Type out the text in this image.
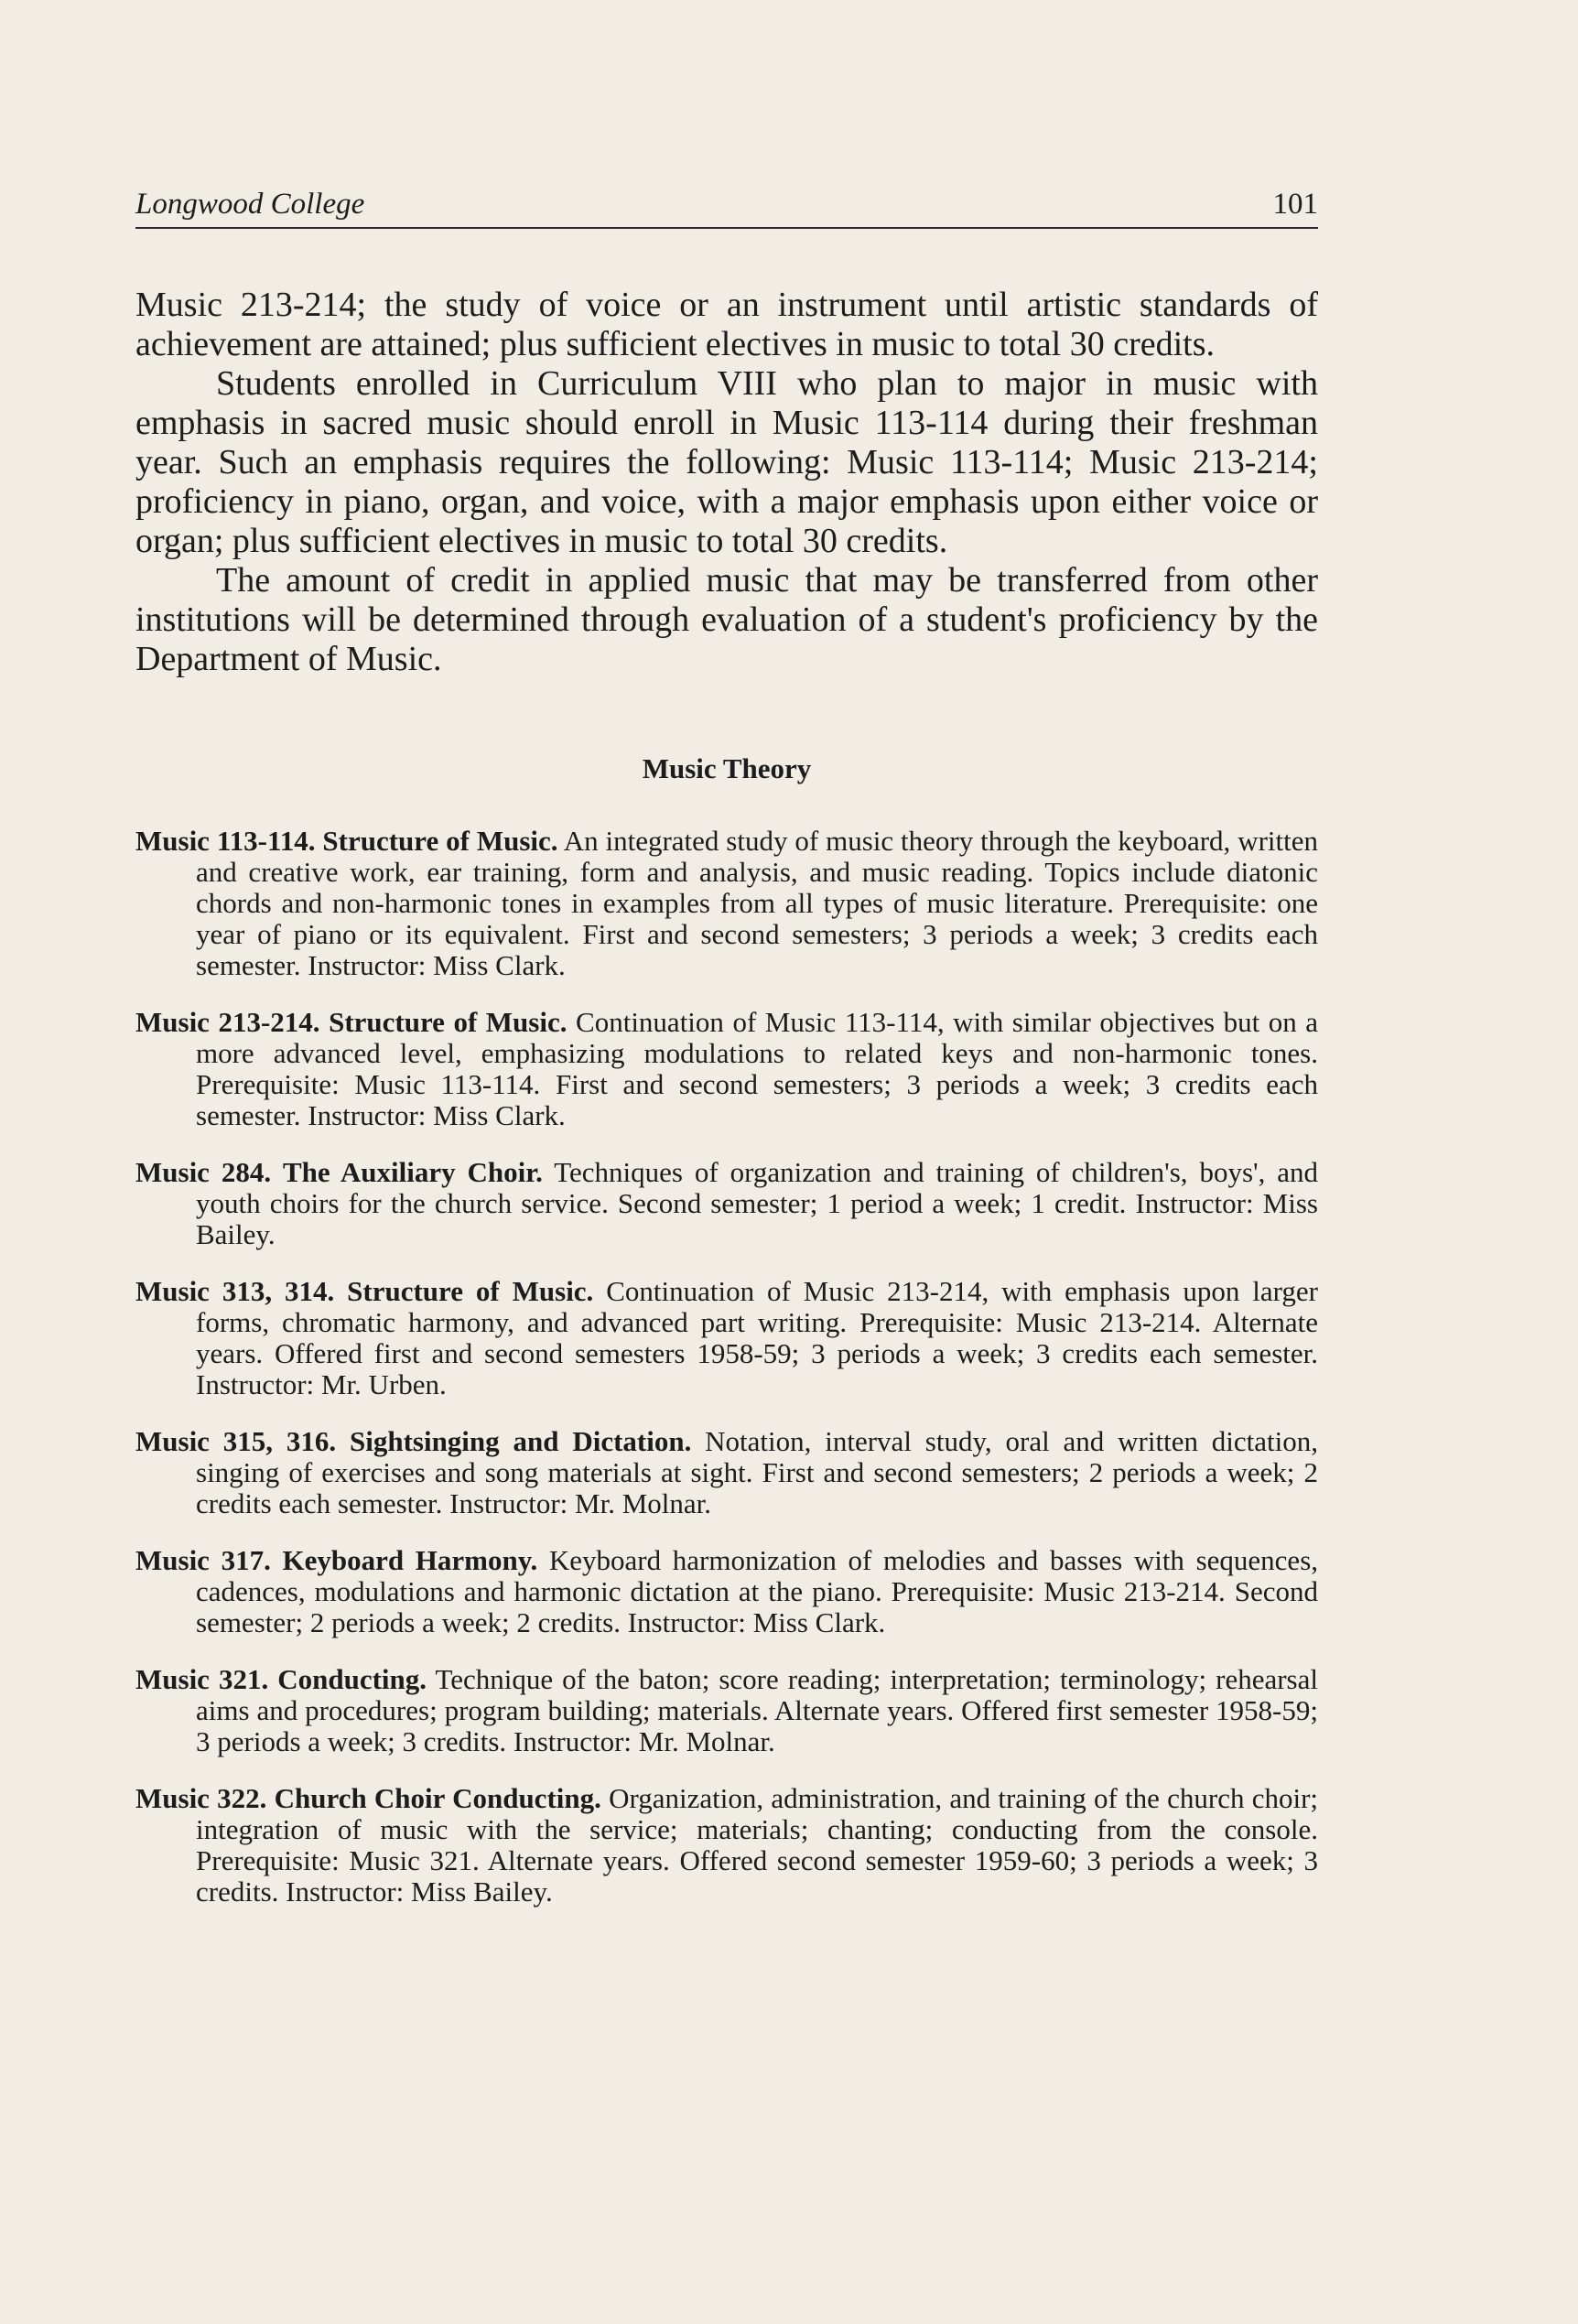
Longwood College	101

Music 213-214; the study of voice or an instrument until artistic standards of achievement are attained; plus sufficient electives in music to total 30 credits.

Students enrolled in Curriculum VIII who plan to major in music with emphasis in sacred music should enroll in Music 113-114 during their freshman year. Such an emphasis requires the following: Music 113-114; Music 213-214; proficiency in piano, organ, and voice, with a major emphasis upon either voice or organ; plus sufficient electives in music to total 30 credits.

The amount of credit in applied music that may be transferred from other institutions will be determined through evaluation of a student's proficiency by the Department of Music.

Music Theory

Music 113-114. Structure of Music. An integrated study of music theory through the keyboard, written and creative work, ear training, form and analysis, and music reading. Topics include diatonic chords and non-harmonic tones in examples from all types of music literature. Prerequisite: one year of piano or its equivalent. First and second semesters; 3 periods a week; 3 credits each semester. Instructor: Miss Clark.

Music 213-214. Structure of Music. Continuation of Music 113-114, with similar objectives but on a more advanced level, emphasizing modulations to related keys and non-harmonic tones. Prerequisite: Music 113-114. First and second semesters; 3 periods a week; 3 credits each semester. Instructor: Miss Clark.

Music 284. The Auxiliary Choir. Techniques of organization and training of children's, boys', and youth choirs for the church service. Second semester; 1 period a week; 1 credit. Instructor: Miss Bailey.

Music 313, 314. Structure of Music. Continuation of Music 213-214, with emphasis upon larger forms, chromatic harmony, and advanced part writing. Prerequisite: Music 213-214. Alternate years. Offered first and second semesters 1958-59; 3 periods a week; 3 credits each semester. Instructor: Mr. Urben.

Music 315, 316. Sightsinging and Dictation. Notation, interval study, oral and written dictation, singing of exercises and song materials at sight. First and second semesters; 2 periods a week; 2 credits each semester. Instructor: Mr. Molnar.

Music 317. Keyboard Harmony. Keyboard harmonization of melodies and basses with sequences, cadences, modulations and harmonic dictation at the piano. Prerequisite: Music 213-214. Second semester; 2 periods a week; 2 credits. Instructor: Miss Clark.

Music 321. Conducting. Technique of the baton; score reading; interpretation; terminology; rehearsal aims and procedures; program building; materials. Alternate years. Offered first semester 1958-59; 3 periods a week; 3 credits. Instructor: Mr. Molnar.

Music 322. Church Choir Conducting. Organization, administration, and training of the church choir; integration of music with the service; materials; chanting; conducting from the console. Prerequisite: Music 321. Alternate years. Offered second semester 1959-60; 3 periods a week; 3 credits. Instructor: Miss Bailey.
